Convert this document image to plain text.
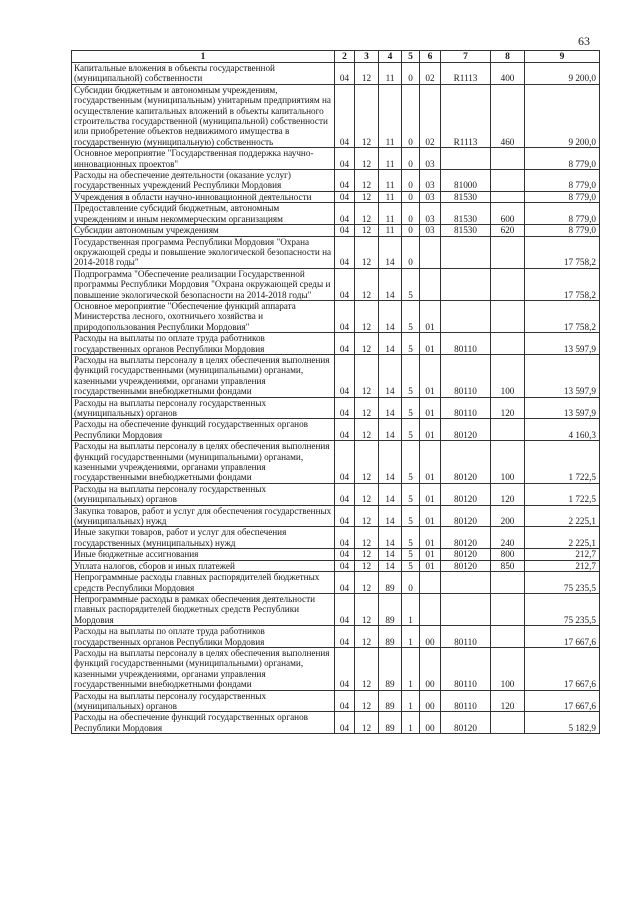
63
1	2	3	4	5	6	7	8	9
Капитальные вложения в объекты государственной (муниципальной) собственности	04	12	11	0	02	R1113	400	9 200,0
Субсидии бюджетным и автономным учреждениям, государственным (муниципальным) унитарным предприятиям на осуществление капитальных вложений в объекты капитального строительства государственной (муниципальной) собственности или приобретение объектов недвижимого имущества в государственную (муниципальную) собственность	04	12	11	0	02	R1113	460	9 200,0
Основное мероприятие "Государственная поддержка научно-инновационных проектов"	04	12	11	0	03			8 779,0
Расходы на обеспечение деятельности (оказание услуг) государственных учреждений Республики Мордовия	04	12	11	0	03	81000		8 779,0
Учреждения в области научно-инновационной деятельности	04	12	11	0	03	81530		8 779,0
Предоставление субсидий бюджетным, автономным учреждениям и иным некоммерческим организациям	04	12	11	0	03	81530	600	8 779,0
Субсидии автономным учреждениям	04	12	11	0	03	81530	620	8 779,0
Государственная программа Республики Мордовия "Охрана окружающей среды и повышение экологической безопасности на 2014-2018 годы"	04	12	14	0				17 758,2
Подпрограмма "Обеспечение реализации Государственной программы Республики Мордовия "Охрана окружающей среды и повышение экологической безопасности на 2014-2018 годы"	04	12	14	5				17 758,2
Основное мероприятие "Обеспечение функций аппарата Министерства лесного, охотничьего хозяйства и природопользования Республики Мордовия"	04	12	14	5	01			17 758,2
Расходы на выплаты по оплате труда работников государственных органов Республики Мордовия	04	12	14	5	01	80110		13 597,9
Расходы на выплаты персоналу в целях обеспечения выполнения функций государственными (муниципальными) органами, казенными учреждениями, органами управления государственными внебюджетными фондами	04	12	14	5	01	80110	100	13 597,9
Расходы на выплаты персоналу государственных (муниципальных) органов	04	12	14	5	01	80110	120	13 597,9
Расходы на обеспечение функций государственных органов Республики Мордовия	04	12	14	5	01	80120		4 160,3
Расходы на выплаты персоналу в целях обеспечения выполнения функций государственными (муниципальными) органами, казенными учреждениями, органами управления государственными внебюджетными фондами	04	12	14	5	01	80120	100	1 722,5
Расходы на выплаты персоналу государственных (муниципальных) органов	04	12	14	5	01	80120	120	1 722,5
Закупка товаров, работ и услуг для обеспечения государственных (муниципальных) нужд	04	12	14	5	01	80120	200	2 225,1
Иные закупки товаров, работ и услуг для обеспечения государственных (муниципальных) нужд	04	12	14	5	01	80120	240	2 225,1
Иные бюджетные ассигнования	04	12	14	5	01	80120	800	212,7
Уплата налогов, сборов и иных платежей	04	12	14	5	01	80120	850	212,7
Непрограммные расходы главных распорядителей бюджетных средств Республики Мордовия	04	12	89	0				75 235,5
Непрограммные расходы в рамках обеспечения деятельности главных распорядителей бюджетных средств Республики Мордовия	04	12	89	1				75 235,5
Расходы на выплаты по оплате труда работников государственных органов Республики Мордовия	04	12	89	1	00	80110		17 667,6
Расходы на выплаты персоналу в целях обеспечения выполнения функций государственными (муниципальными) органами, казенными учреждениями, органами управления государственными внебюджетными фондами	04	12	89	1	00	80110	100	17 667,6
Расходы на выплаты персоналу государственных (муниципальных) органов	04	12	89	1	00	80110	120	17 667,6
Расходы на обеспечение функций государственных органов Республики Мордовия	04	12	89	1	00	80120		5 182,9
